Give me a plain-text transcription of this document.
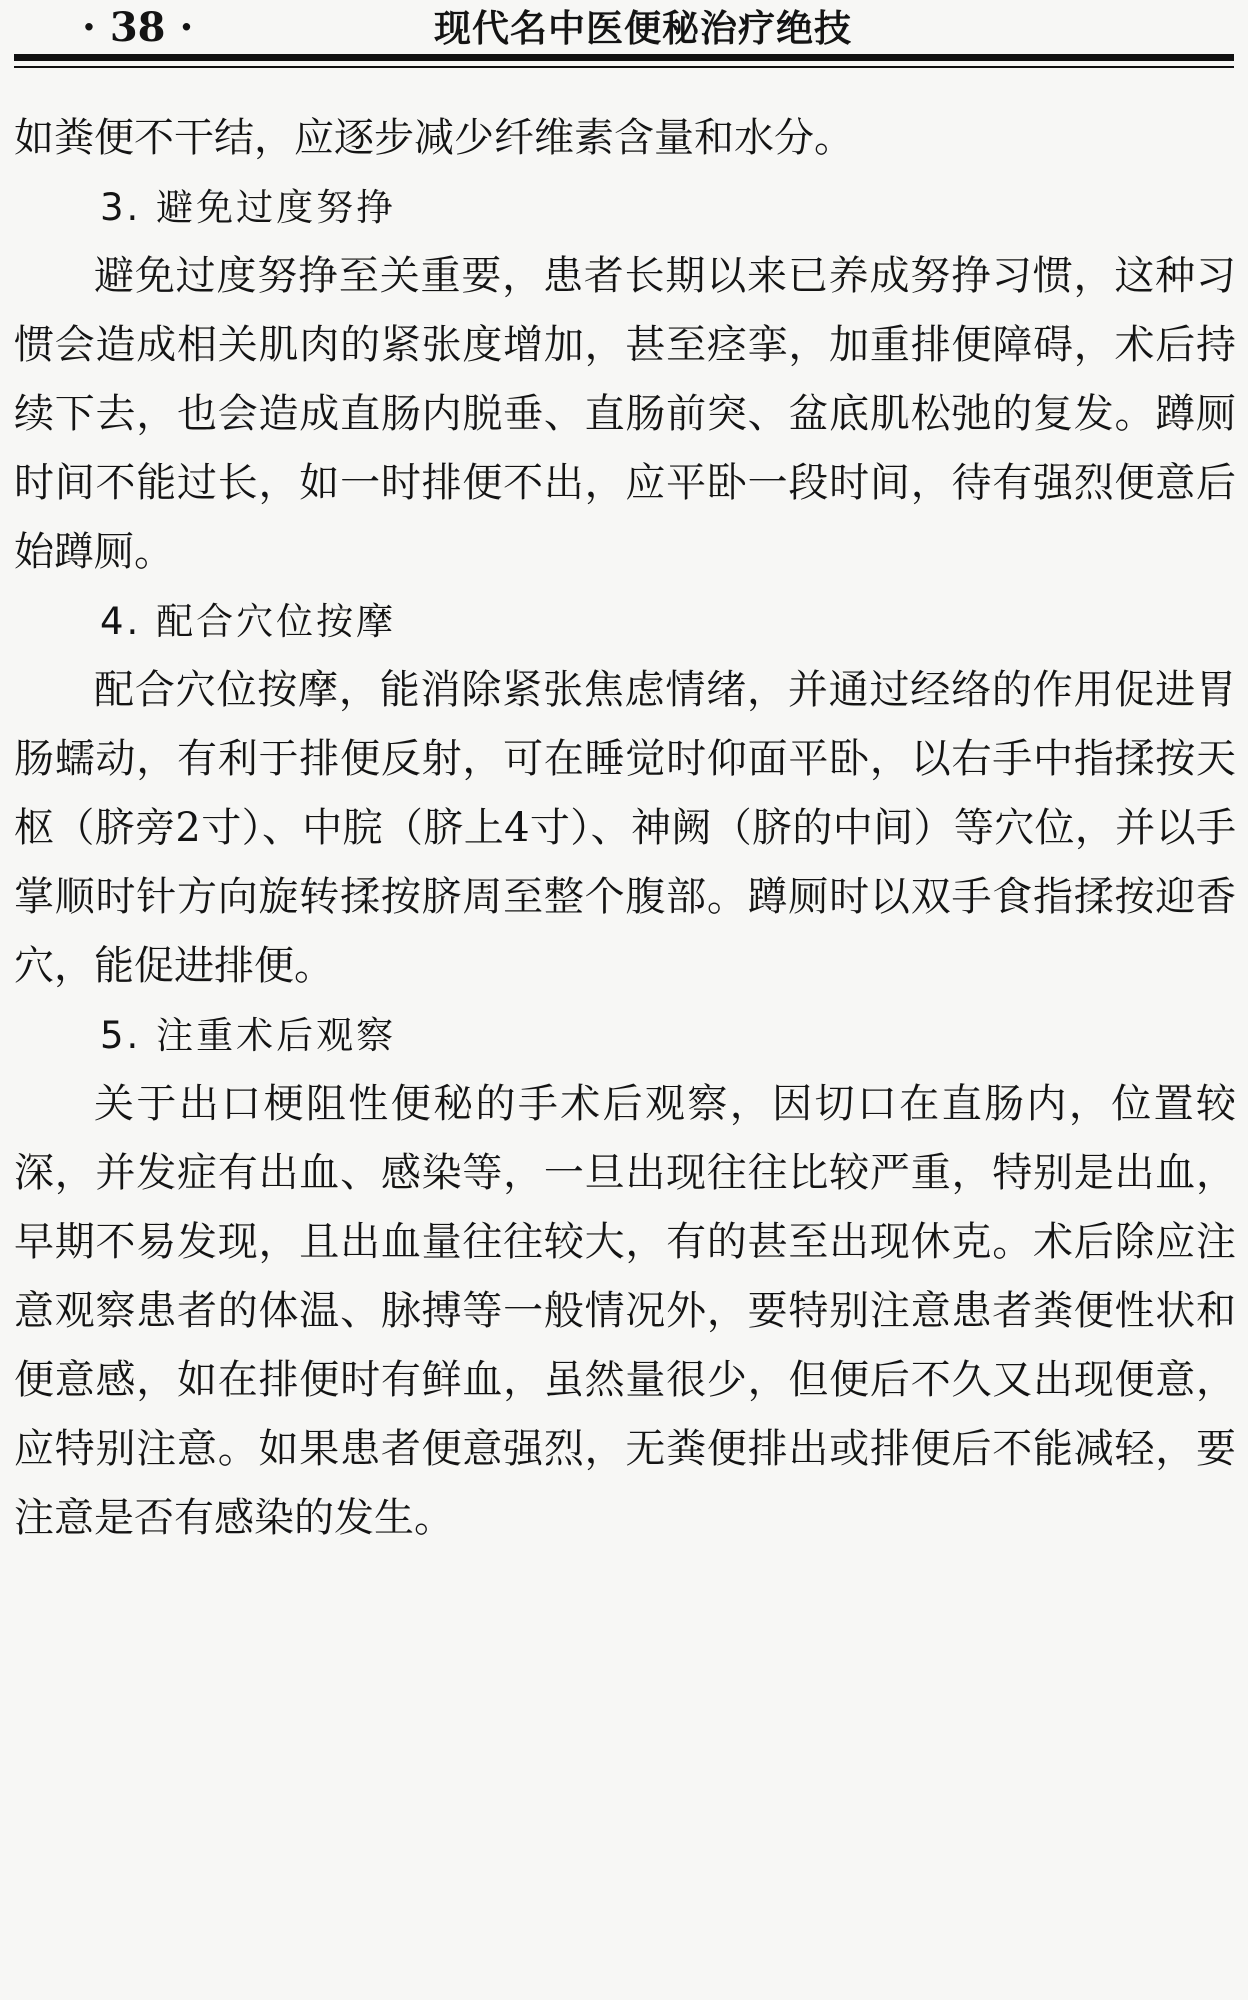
· 38 ·	现代名中医便秘治疗绝技

如粪便不干结，应逐步减少纤维素含量和水分。

3. 避免过度努挣

避免过度努挣至关重要，患者长期以来已养成努挣习惯，这种习惯会造成相关肌肉的紧张度增加，甚至痉挛，加重排便障碍，术后持续下去，也会造成直肠内脱垂、直肠前突、盆底肌松弛的复发。蹲厕时间不能过长，如一时排便不出，应平卧一段时间，待有强烈便意后始蹲厕。

4. 配合穴位按摩

配合穴位按摩，能消除紧张焦虑情绪，并通过经络的作用促进胃肠蠕动，有利于排便反射，可在睡觉时仰面平卧，以右手中指揉按天枢（脐旁2寸）、中脘（脐上4寸）、神阙（脐的中间）等穴位，并以手掌顺时针方向旋转揉按脐周至整个腹部。蹲厕时以双手食指揉按迎香穴，能促进排便。

5. 注重术后观察

关于出口梗阻性便秘的手术后观察，因切口在直肠内，位置较深，并发症有出血、感染等，一旦出现往往比较严重，特别是出血，早期不易发现，且出血量往往较大，有的甚至出现休克。术后除应注意观察患者的体温、脉搏等一般情况外，要特别注意患者粪便性状和便意感，如在排便时有鲜血，虽然量很少，但便后不久又出现便意，应特别注意。如果患者便意强烈，无粪便排出或排便后不能减轻，要注意是否有感染的发生。
